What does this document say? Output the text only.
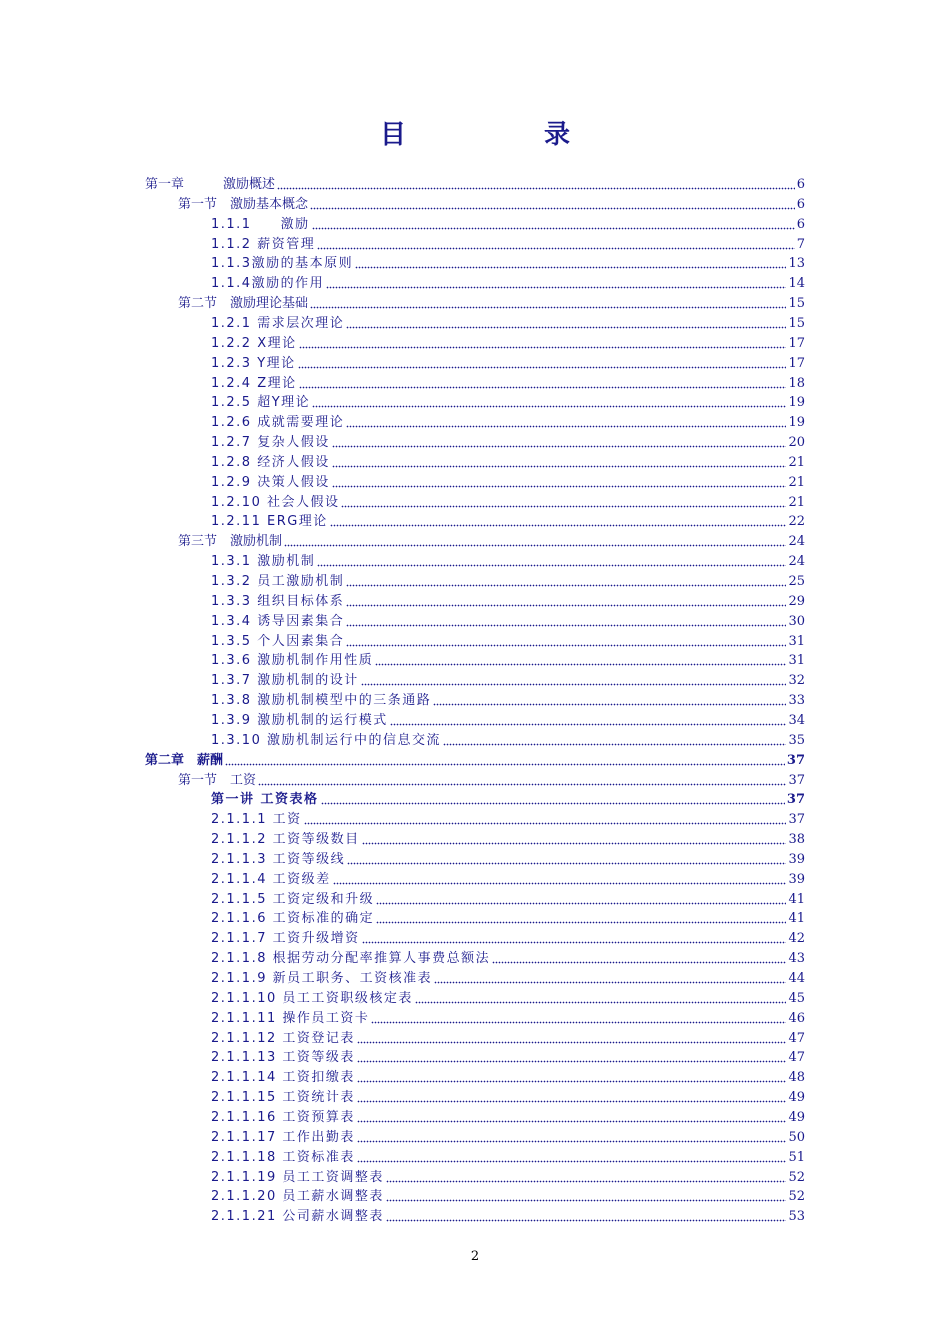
目　录
第一章　　　激励概述	6
第一节　激励基本概念	6
1.1.1　　激励	6
1.1.2 薪资管理	7
1.1.3激励的基本原则	13
1.1.4激励的作用	14
第二节　激励理论基础	15
1.2.1 需求层次理论	15
1.2.2 X理论	17
1.2.3 Y理论	17
1.2.4 Z理论	18
1.2.5 超Y理论	19
1.2.6 成就需要理论	19
1.2.7 复杂人假设	20
1.2.8 经济人假设	21
1.2.9 决策人假设	21
1.2.10 社会人假设	21
1.2.11 ERG理论	22
第三节　激励机制	24
1.3.1 激励机制	24
1.3.2 员工激励机制	25
1.3.3 组织目标体系	29
1.3.4 诱导因素集合	30
1.3.5 个人因素集合	31
1.3.6 激励机制作用性质	31
1.3.7 激励机制的设计	32
1.3.8 激励机制模型中的三条通路	33
1.3.9 激励机制的运行模式	34
1.3.10 激励机制运行中的信息交流	35
第二章　薪酬	37
第一节　工资	37
第一讲 工资表格	37
2.1.1.1 工资	37
2.1.1.2 工资等级数目	38
2.1.1.3 工资等级线	39
2.1.1.4 工资级差	39
2.1.1.5 工资定级和升级	41
2.1.1.6 工资标准的确定	41
2.1.1.7 工资升级增资	42
2.1.1.8 根据劳动分配率推算人事费总额法	43
2.1.1.9 新员工职务、工资核准表	44
2.1.1.10 员工工资职级核定表	45
2.1.1.11 操作员工资卡	46
2.1.1.12 工资登记表	47
2.1.1.13 工资等级表	47
2.1.1.14 工资扣缴表	48
2.1.1.15 工资统计表	49
2.1.1.16 工资预算表	49
2.1.1.17 工作出勤表	50
2.1.1.18 工资标准表	51
2.1.1.19 员工工资调整表	52
2.1.1.20 员工薪水调整表	52
2.1.1.21 公司薪水调整表	53
2
